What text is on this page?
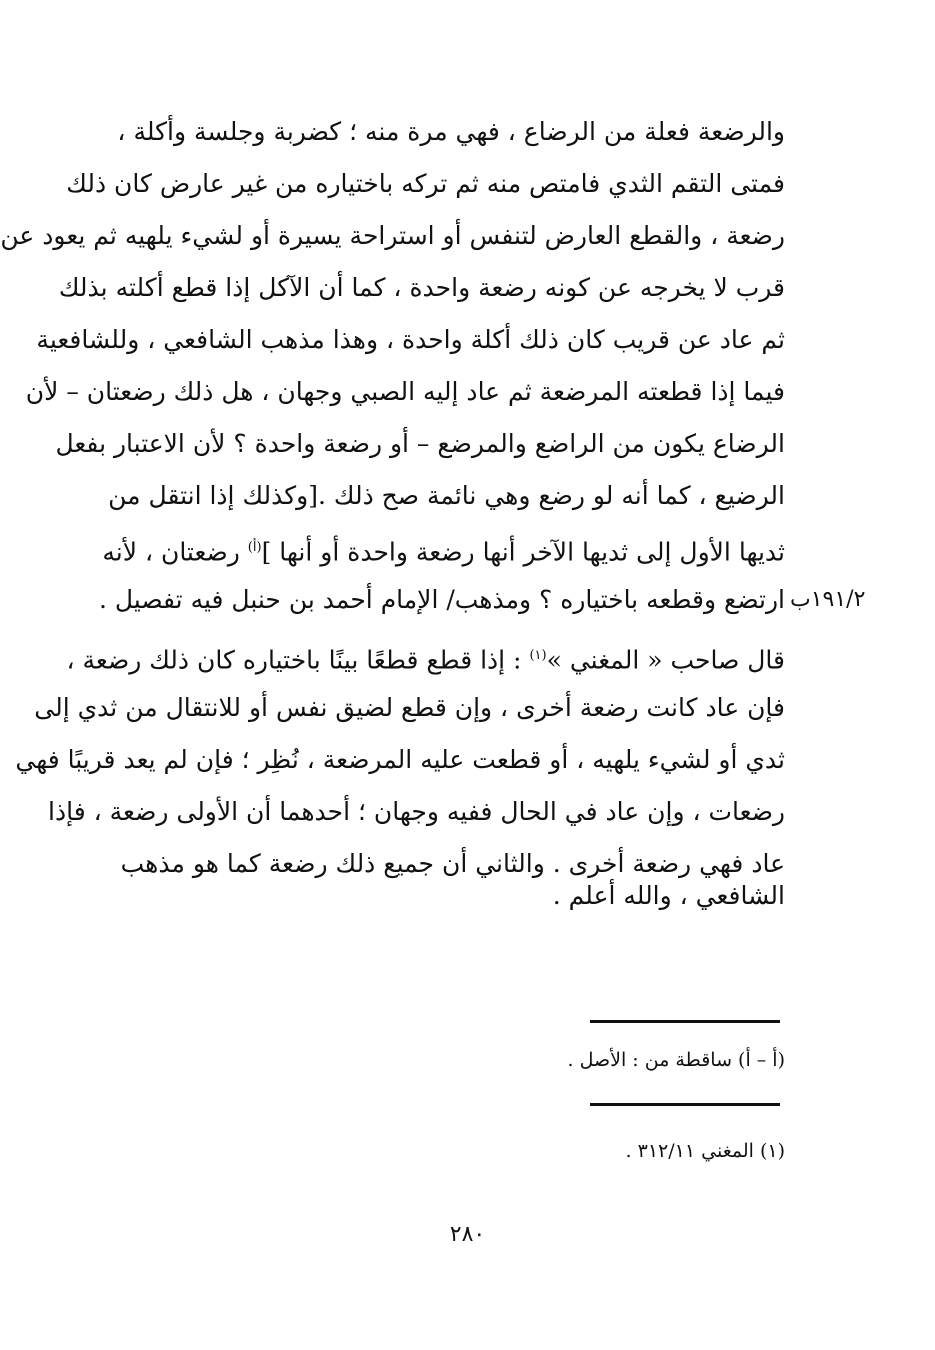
والرضعة فعلة من الرضاع ، فهي مرة منه ؛ كضربة وجلسة وأكلة ،
فمتى التقم الثدي فامتص منه ثم تركه باختياره من غير عارض كان ذلك
رضعة ، والقطع العارض لتنفس أو استراحة يسيرة أو لشيء يلهيه ثم يعود عن
قرب لا يخرجه عن كونه رضعة واحدة ، كما أن الآكل إذا قطع أكلته بذلك
ثم عاد عن قريب كان ذلك أكلة واحدة ، وهذا مذهب الشافعي ، وللشافعية
فيما إذا قطعته المرضعة ثم عاد إليه الصبي وجهان ، هل ذلك رضعتان – لأن
الرضاع يكون من الراضع والمرضع – أو رضعة واحدة ؟ لأن الاعتبار بفعل
الرضيع ، كما أنه لو رضع وهي نائمة صح ذلك .[وكذلك إذا انتقل من
ثديها الأول إلى ثديها الآخر أنها رضعة واحدة أو أنها ]$^{(أ)}$ رضعتان ، لأنه
ارتضع وقطعه باختياره ؟ ومذهب/ الإمام أحمد بن حنبل فيه تفصيل . ١٩١/٢ب
قال صاحب « المغني »$^{(١)}$ : إذا قطع قطعًا بينًا باختياره كان ذلك رضعة ،
فإن عاد كانت رضعة أخرى ، وإن قطع لضيق نفس أو للانتقال من ثدي إلى
ثدي أو لشيء يلهيه ، أو قطعت عليه المرضعة ، نُظِر ؛ فإن لم يعد قريبًا فهي
رضعات ، وإن عاد في الحال ففيه وجهان ؛ أحدهما أن الأولى رضعة ، فإذا
عاد فهي رضعة أخرى . والثاني أن جميع ذلك رضعة كما هو مذهب
الشافعي ، والله أعلم .
(أ – أ) ساقطة من : الأصل .
(١) المغني ٣١٢/١١ .
٢٨٠
